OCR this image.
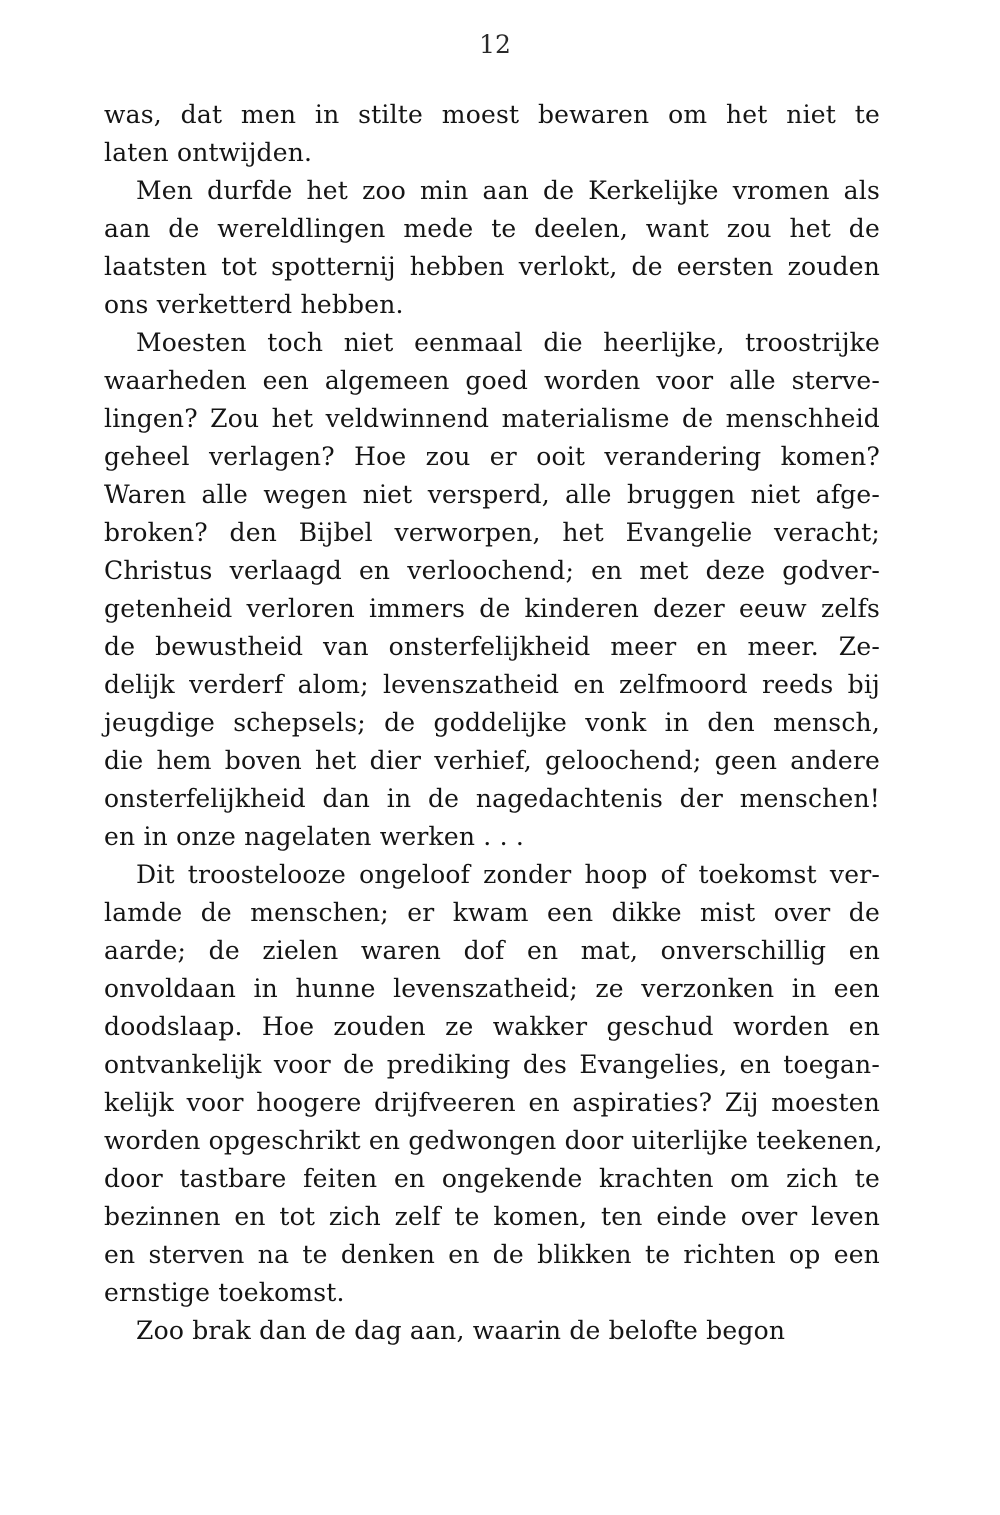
12
was, dat men in stilte moest bewaren om het niet te
laten ontwijden.
Men durfde het zoo min aan de Kerkelijke vromen als
aan de wereldlingen mede te deelen, want zou het de
laatsten tot spotternij hebben verlokt, de eersten zouden
ons verketterd hebben.
Moesten toch niet eenmaal die heerlijke, troostrijke
waarheden een algemeen goed worden voor alle sterve-
lingen? Zou het veldwinnend materialisme de menschheid
geheel verlagen? Hoe zou er ooit verandering komen?
Waren alle wegen niet versperd, alle bruggen niet afge-
broken? den Bijbel verworpen, het Evangelie veracht;
Christus verlaagd en verloochend; en met deze godver-
getenheid verloren immers de kinderen dezer eeuw zelfs
de bewustheid van onsterfelijkheid meer en meer. Ze-
delijk verderf alom; levenszatheid en zelfmoord reeds bij
jeugdige schepsels; de goddelijke vonk in den mensch,
die hem boven het dier verhief, geloochend; geen andere
onsterfelijkheid dan in de nagedachtenis der menschen!
en in onze nagelaten werken . . .
Dit troostelooze ongeloof zonder hoop of toekomst ver-
lamde de menschen; er kwam een dikke mist over de
aarde; de zielen waren dof en mat, onverschillig en
onvoldaan in hunne levenszatheid; ze verzonken in een
doodslaap. Hoe zouden ze wakker geschud worden en
ontvankelijk voor de prediking des Evangelies, en toegan-
kelijk voor hoogere drijfveeren en aspiraties? Zij moesten
worden opgeschrikt en gedwongen door uiterlijke teekenen,
door tastbare feiten en ongekende krachten om zich te
bezinnen en tot zich zelf te komen, ten einde over leven
en sterven na te denken en de blikken te richten op een
ernstige toekomst.
Zoo brak dan de dag aan, waarin de belofte begon
